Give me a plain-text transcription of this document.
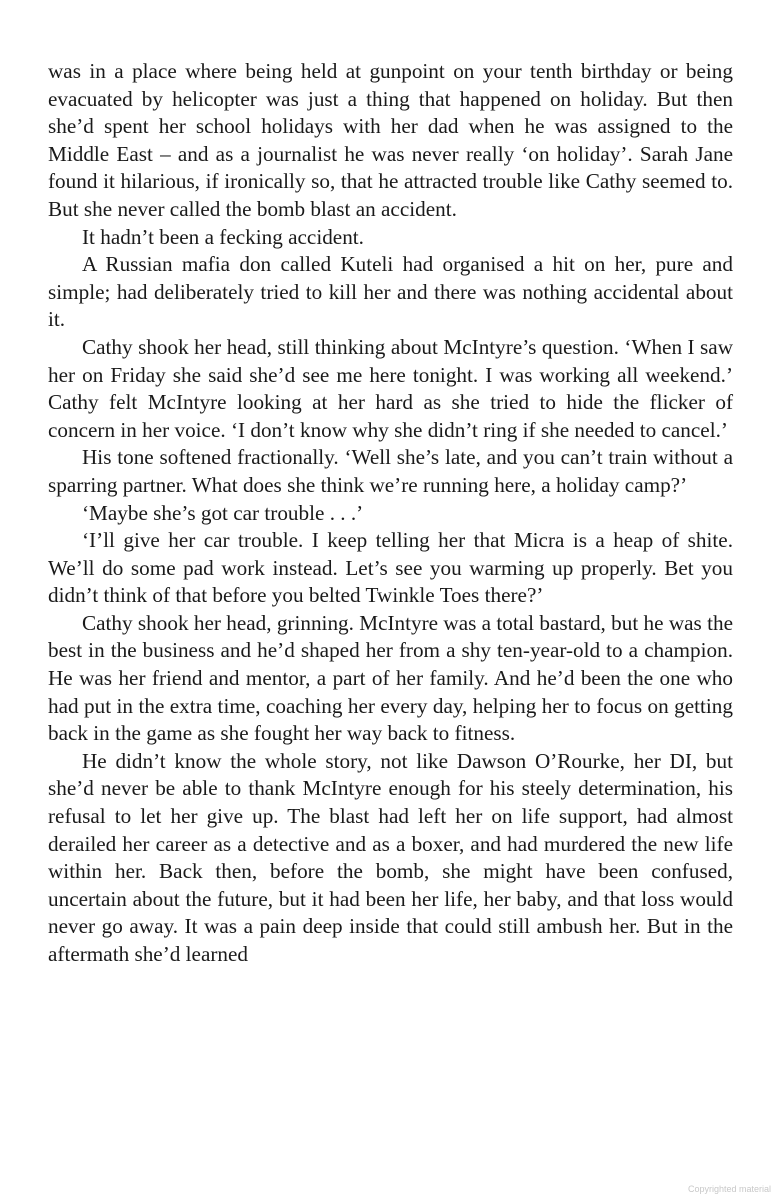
was in a place where being held at gunpoint on your tenth birthday or being evacuated by helicopter was just a thing that happened on holiday. But then she’d spent her school holidays with her dad when he was assigned to the Middle East – and as a journalist he was never really ‘on holiday’. Sarah Jane found it hilarious, if ironically so, that he attracted trouble like Cathy seemed to. But she never called the bomb blast an accident.

It hadn’t been a fecking accident.

A Russian mafia don called Kuteli had organised a hit on her, pure and simple; had deliberately tried to kill her and there was nothing accidental about it.

Cathy shook her head, still thinking about McIntyre’s question. ‘When I saw her on Friday she said she’d see me here tonight. I was working all weekend.’ Cathy felt McIntyre looking at her hard as she tried to hide the flicker of concern in her voice. ‘I don’t know why she didn’t ring if she needed to cancel.’

His tone softened fractionally. ‘Well she’s late, and you can’t train without a sparring partner. What does she think we’re running here, a holiday camp?’

‘Maybe she’s got car trouble . . .’

‘I’ll give her car trouble. I keep telling her that Micra is a heap of shite. We’ll do some pad work instead. Let’s see you warming up properly. Bet you didn’t think of that before you belted Twinkle Toes there?’

Cathy shook her head, grinning. McIntyre was a total bastard, but he was the best in the business and he’d shaped her from a shy ten-year-old to a champion. He was her friend and mentor, a part of her family. And he’d been the one who had put in the extra time, coaching her every day, helping her to focus on getting back in the game as she fought her way back to fitness.

He didn’t know the whole story, not like Dawson O’Rourke, her DI, but she’d never be able to thank McIntyre enough for his steely determination, his refusal to let her give up. The blast had left her on life support, had almost derailed her career as a detective and as a boxer, and had murdered the new life within her. Back then, before the bomb, she might have been confused, uncertain about the future, but it had been her life, her baby, and that loss would never go away. It was a pain deep inside that could still ambush her. But in the aftermath she’d learned

Copyrighted material
